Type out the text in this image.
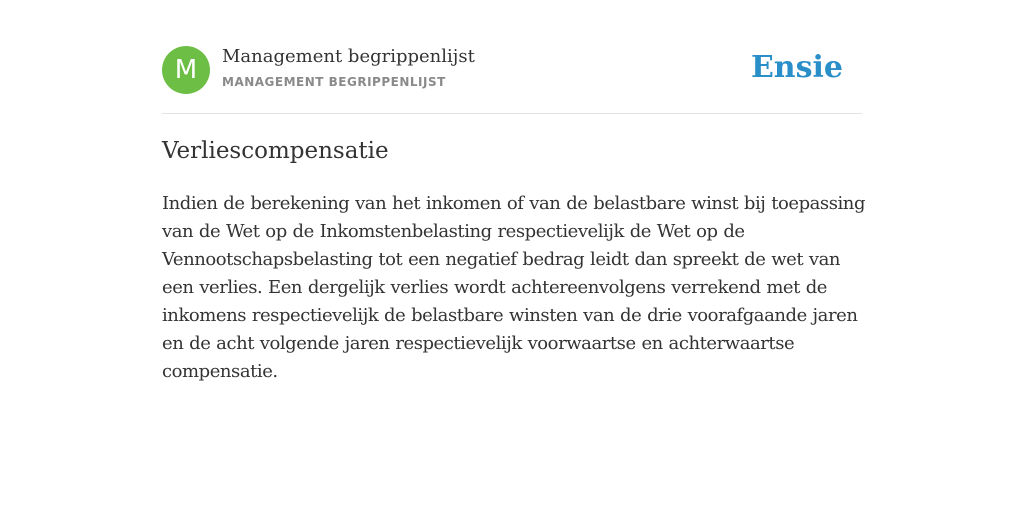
M	Management begrippenlijst
MANAGEMENT BEGRIPPENLIJST	Ensie
Verliescompensatie

Indien de berekening van het inkomen of van de belastbare winst bij toepassing van de Wet op de Inkomstenbelasting respectievelijk de Wet op de Vennootschapsbelasting tot een negatief bedrag leidt dan spreekt de wet van een verlies. Een dergelijk verlies wordt achtereenvolgens verrekend met de inkomens respectievelijk de belastbare winsten van de drie voorafgaande jaren en de acht volgende jaren respectievelijk voorwaartse en achterwaartse compensatie.
